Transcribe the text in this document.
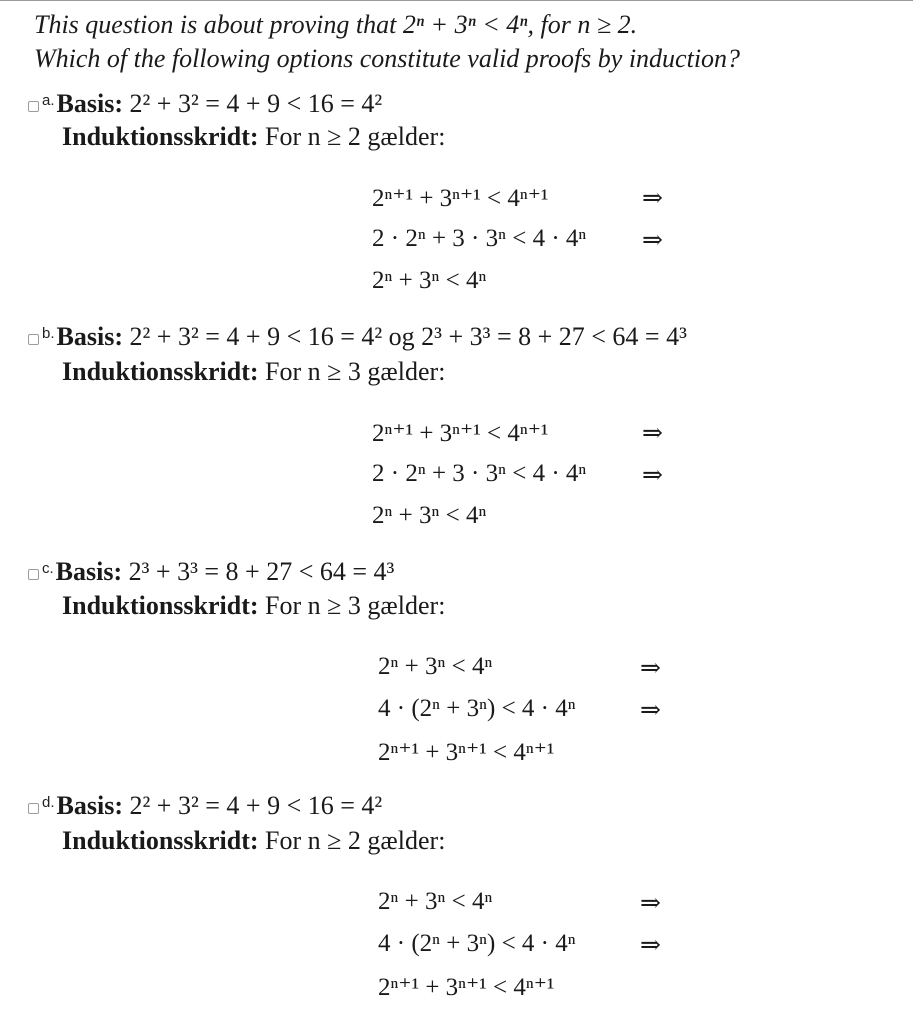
This question is about proving that 2ⁿ + 3ⁿ < 4ⁿ, for n ≥ 2.
Which of the following options constitute valid proofs by induction?
$^{a.}$Basis: 2² + 3² = 4 + 9 < 16 = 4²
Induktionsskridt: For n ≥ 2 gælder:
2ⁿ⁺¹ + 3ⁿ⁺¹ < 4ⁿ⁺¹	⇒
2 · 2ⁿ + 3 · 3ⁿ < 4 · 4ⁿ ⇒
2ⁿ + 3ⁿ < 4ⁿ
$^{b.}$Basis: 2² + 3² = 4 + 9 < 16 = 4² og 2³ + 3³ = 8 + 27 < 64 = 4³
Induktionsskridt: For n ≥ 3 gælder:
2ⁿ⁺¹ + 3ⁿ⁺¹ < 4ⁿ⁺¹	⇒
2 · 2ⁿ + 3 · 3ⁿ < 4 · 4ⁿ ⇒
2ⁿ + 3ⁿ < 4ⁿ
$^{c.}$Basis: 2³ + 3³ = 8 + 27 < 64 = 4³
Induktionsskridt: For n ≥ 3 gælder:
2ⁿ + 3ⁿ < 4ⁿ	⇒
4 · (2ⁿ + 3ⁿ) < 4 · 4ⁿ	⇒
2ⁿ⁺¹ + 3ⁿ⁺¹ < 4ⁿ⁺¹
$^{d.}$Basis: 2² + 3² = 4 + 9 < 16 = 4²
Induktionsskridt: For n ≥ 2 gælder:
2ⁿ + 3ⁿ < 4ⁿ	⇒
4 · (2ⁿ + 3ⁿ) < 4 · 4ⁿ	⇒
2ⁿ⁺¹ + 3ⁿ⁺¹ < 4ⁿ⁺¹
